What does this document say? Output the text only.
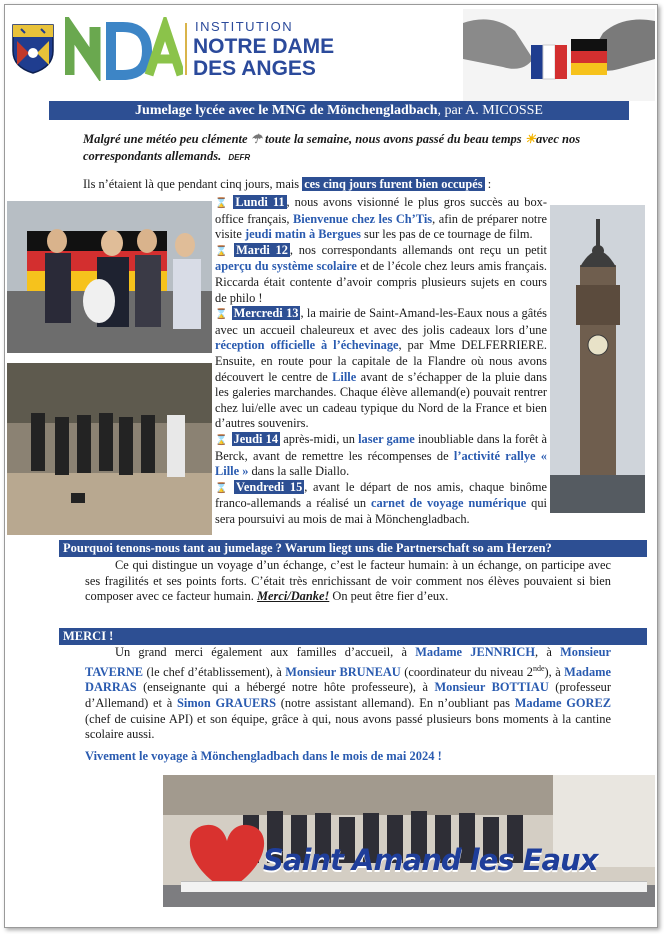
INSTITUTION
NOTRE DAME
DES ANGES
Jumelage lycée avec le MNG de Mönchengladbach, par A. MICOSSE
Malgré une météo peu clémente ☂ toute la semaine, nous avons passé du beau temps ☀avec nos correspondants allemands. DEFR
Ils n’étaient là que pendant cinq jours, mais ces cinq jours furent bien occupés :

⌛ Lundi 11 , nous avons visionné le plus gros succès au box-office français, Bienvenue chez les Ch’Tis, afin de préparer notre visite jeudi matin à Bergues sur les pas de ce tournage de film.

⌛ Mardi 12 , nos correspondants allemands ont reçu un petit aperçu du système scolaire et de l’école chez leurs amis français. Riccarda était contente d’avoir compris plusieurs sujets en cours de philo !

⌛ Mercredi 13 , la mairie de Saint-Amand-les-Eaux nous a gâtés avec un accueil chaleureux et avec des jolis cadeaux lors d’une réception officielle à l’échevinage, par Mme DELFERRIERE. Ensuite, en route pour la capitale de la Flandre où nous avons découvert le centre de Lille avant de s’échapper de la pluie dans les galeries marchandes. Chaque élève allemand(e) pouvait rentrer chez lui/elle avec un cadeau typique du Nord de la France et bien d’autres souvenirs.

⌛ Jeudi 14 après-midi, un laser game inoubliable dans la forêt à Berck, avant de remettre les récompenses de l’activité rallye « Lille » dans la salle Diallo.

⌛ Vendredi 15 , avant le départ de nos amis, chaque binôme franco-allemands a réalisé un carnet de voyage numérique qui sera poursuivi au mois de mai à Mönchengladbach.

Pourquoi tenons-nous tant au jumelage ? Warum liegt uns die Partnerschaft so am Herzen?
Ce qui distingue un voyage d’un échange, c’est le facteur humain: à un échange, on participe avec ses fragilités et ses points forts. C’était très enrichissant de voir comment nos élèves pouvaient si bien composer avec ce facteur humain. Merci/Danke! On peut être fier d’eux.
MERCI !
Un grand merci également aux familles d’accueil, à Madame JENNRICH, à Monsieur TAVERNE (le chef d’établissement), à Monsieur BRUNEAU (coordinateur du niveau 2nde), à Madame DARRAS (enseignante qui a hébergé notre hôte professeure), à Monsieur BOTTIAU (professeur d’Allemand) et à Simon GRAUERS (notre assistant allemand). En n’oubliant pas Madame GOREZ (chef de cuisine API) et son équipe, grâce à qui, nous avons passé plusieurs bons moments à la cantine scolaire aussi.
Vivement le voyage à Mönchengladbach dans le mois de mai 2024 !
Saint Amand les Eaux
